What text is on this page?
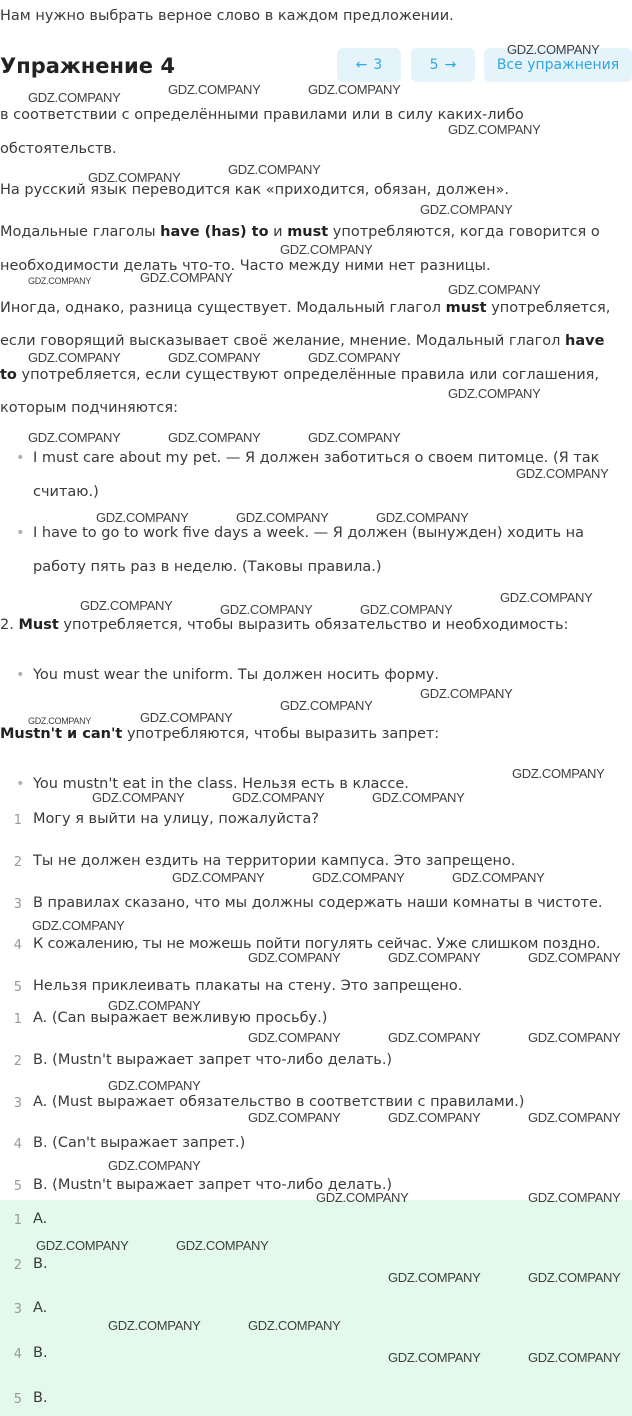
Нам нужно выбрать верное слово в каждом предложении.
Упражнение 4	← 3	5 →	Все упражнения
в соответствии с определёнными правилами или в силу каких-либо
обстоятельств.
На русский язык переводится как «приходится, обязан, должен».
Модальные глаголы have (has) to и must употребляются, когда говорится о
необходимости делать что-то. Часто между ними нет разницы.
Иногда, однако, разница существует. Модальный глагол must употребляется,
если говорящий высказывает своё желание, мнение. Модальный глагол have
to употребляется, если существуют определённые правила или соглашения,
которым подчиняются:
• I must care about my pet. — Я должен заботиться о своем питомце. (Я так
считаю.)
• I have to go to work five days a week. — Я должен (вынужден) ходить на
работу пять раз в неделю. (Таковы правила.)
2. Must употребляется, чтобы выразить обязательство и необходимость:
• You must wear the uniform. Ты должен носить форму.
Mustn't и can't употребляются, чтобы выразить запрет:
• You mustn't eat in the class. Нельзя есть в классе.
1 Могу я выйти на улицу, пожалуйста?
2 Ты не должен ездить на территории кампуса. Это запрещено.
3 В правилах сказано, что мы должны содержать наши комнаты в чистоте.
4 К сожалению, ты не можешь пойти погулять сейчас. Уже слишком поздно.
5 Нельзя приклеивать плакаты на стену. Это запрещено.
1 A. (Can выражает вежливую просьбу.)
2 B. (Mustn't выражает запрет что-либо делать.)
3 A. (Must выражает обязательство в соответствии с правилами.)
4 B. (Can't выражает запрет.)
5 B. (Mustn't выражает запрет что-либо делать.)
1 A.
2 B.
3 A.
4 B.
5 B.
GDZ.COMPANY
GDZ.COMPANY
GDZ.COMPANY	GDZ.COMPANY
GDZ.COMPANY
GDZ.COMPANY
GDZ.COMPANY
GDZ.COMPANY
GDZ.COMPANY
GDZ.COMPANY	GDZ.COMPANY
GDZ.COMPANY
GDZ.COMPANY	GDZ.COMPANY	GDZ.COMPANY
GDZ.COMPANY
GDZ.COMPANY	GDZ.COMPANY	GDZ.COMPANY
GDZ.COMPANY
GDZ.COMPANY	GDZ.COMPANY	GDZ.COMPANY
GDZ.COMPANY
GDZ.COMPANY	GDZ.COMPANY	GDZ.COMPANY
GDZ.COMPANY
GDZ.COMPANY
GDZ.COMPANY	GDZ.COMPANY
GDZ.COMPANY
GDZ.COMPANY	GDZ.COMPANY	GDZ.COMPANY
GDZ.COMPANY	GDZ.COMPANY	GDZ.COMPANY
GDZ.COMPANY
GDZ.COMPANY	GDZ.COMPANY	GDZ.COMPANY
GDZ.COMPANY
GDZ.COMPANY	GDZ.COMPANY	GDZ.COMPANY
GDZ.COMPANY
GDZ.COMPANY	GDZ.COMPANY	GDZ.COMPANY
GDZ.COMPANY
GDZ.COMPANY	GDZ.COMPANY
GDZ.COMPANY	GDZ.COMPANY
GDZ.COMPANY	GDZ.COMPANY
GDZ.COMPANY	GDZ.COMPANY
GDZ.COMPANY	GDZ.COMPANY
